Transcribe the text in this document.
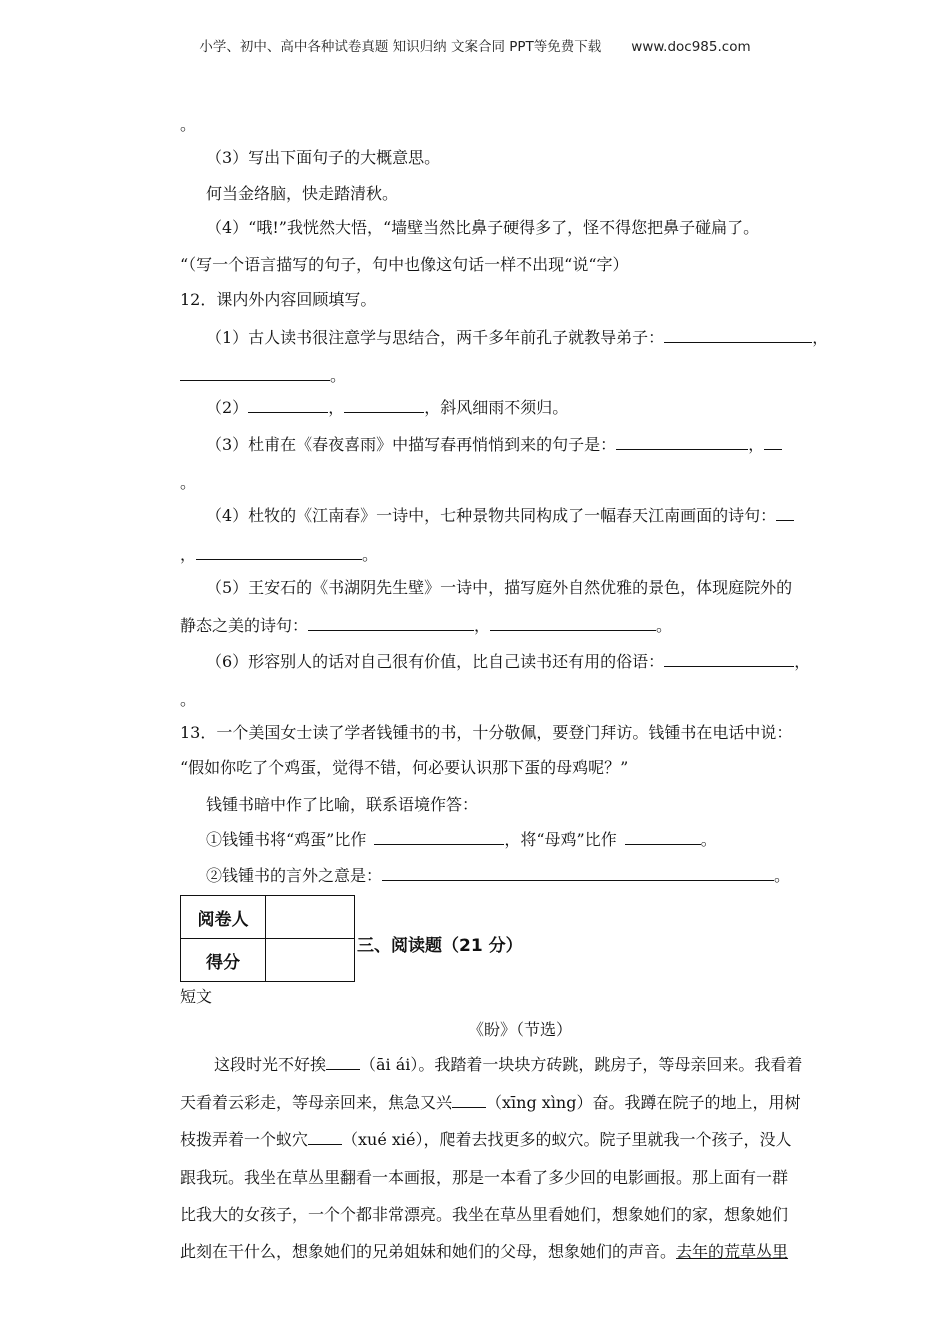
小学、初中、高中各种试卷真题 知识归纳 文案合同 PPT等免费下载 www.doc985.com
。
（3）写出下面句子的大概意思。
何当金络脑，快走踏清秋。
（4）“哦!”我恍然大悟，“墙壁当然比鼻子硬得多了，怪不得您把鼻子碰扁了。
“（写一个语言描写的句子，句中也像这句话一样不出现“说“字）
12．课内外内容回顾填写。
（1）古人读书很注意学与思结合，两千多年前孔子就教导弟子：	，
。
（2）	，	，斜风细雨不须归。
（3）杜甫在《春夜喜雨》中描写春再悄悄到来的句子是：	，
。
（4）杜牧的《江南春》一诗中，七种景物共同构成了一幅春天江南画面的诗句：
，	。
（5）王安石的《书湖阴先生壁》一诗中，描写庭外自然优雅的景色，体现庭院外的
静态之美的诗句：	，	。
（6）形容别人的话对自己很有价值，比自己读书还有用的俗语：	，
。
13．一个美国女士读了学者钱锺书的书，十分敬佩，要登门拜访。钱锺书在电话中说：
“假如你吃了个鸡蛋，觉得不错，何必要认识那下蛋的母鸡呢？”
钱锺书暗中作了比喻，联系语境作答：
①钱锺书将“鸡蛋”比作	，将“母鸡”比作	。
②钱锺书的言外之意是：	。
阅卷人	
得分	
三、阅读题（21 分）
短文
《盼》（节选）
这段时光不好挨 （āi ái）。我踏着一块块方砖跳，跳房子，等母亲回来。我看着
天看着云彩走，等母亲回来，焦急又兴 （xīng xìng）奋。我蹲在院子的地上，用树
枝拨弄着一个蚁穴 （xué xié），爬着去找更多的蚁穴。院子里就我一个孩子，没人
跟我玩。我坐在草丛里翻看一本画报，那是一本看了多少回的电影画报。那上面有一群
比我大的女孩子，一个个都非常漂亮。我坐在草丛里看她们，想象她们的家，想象她们
此刻在干什么，想象她们的兄弟姐妹和她们的父母，想象她们的声音。去年的荒草丛里
